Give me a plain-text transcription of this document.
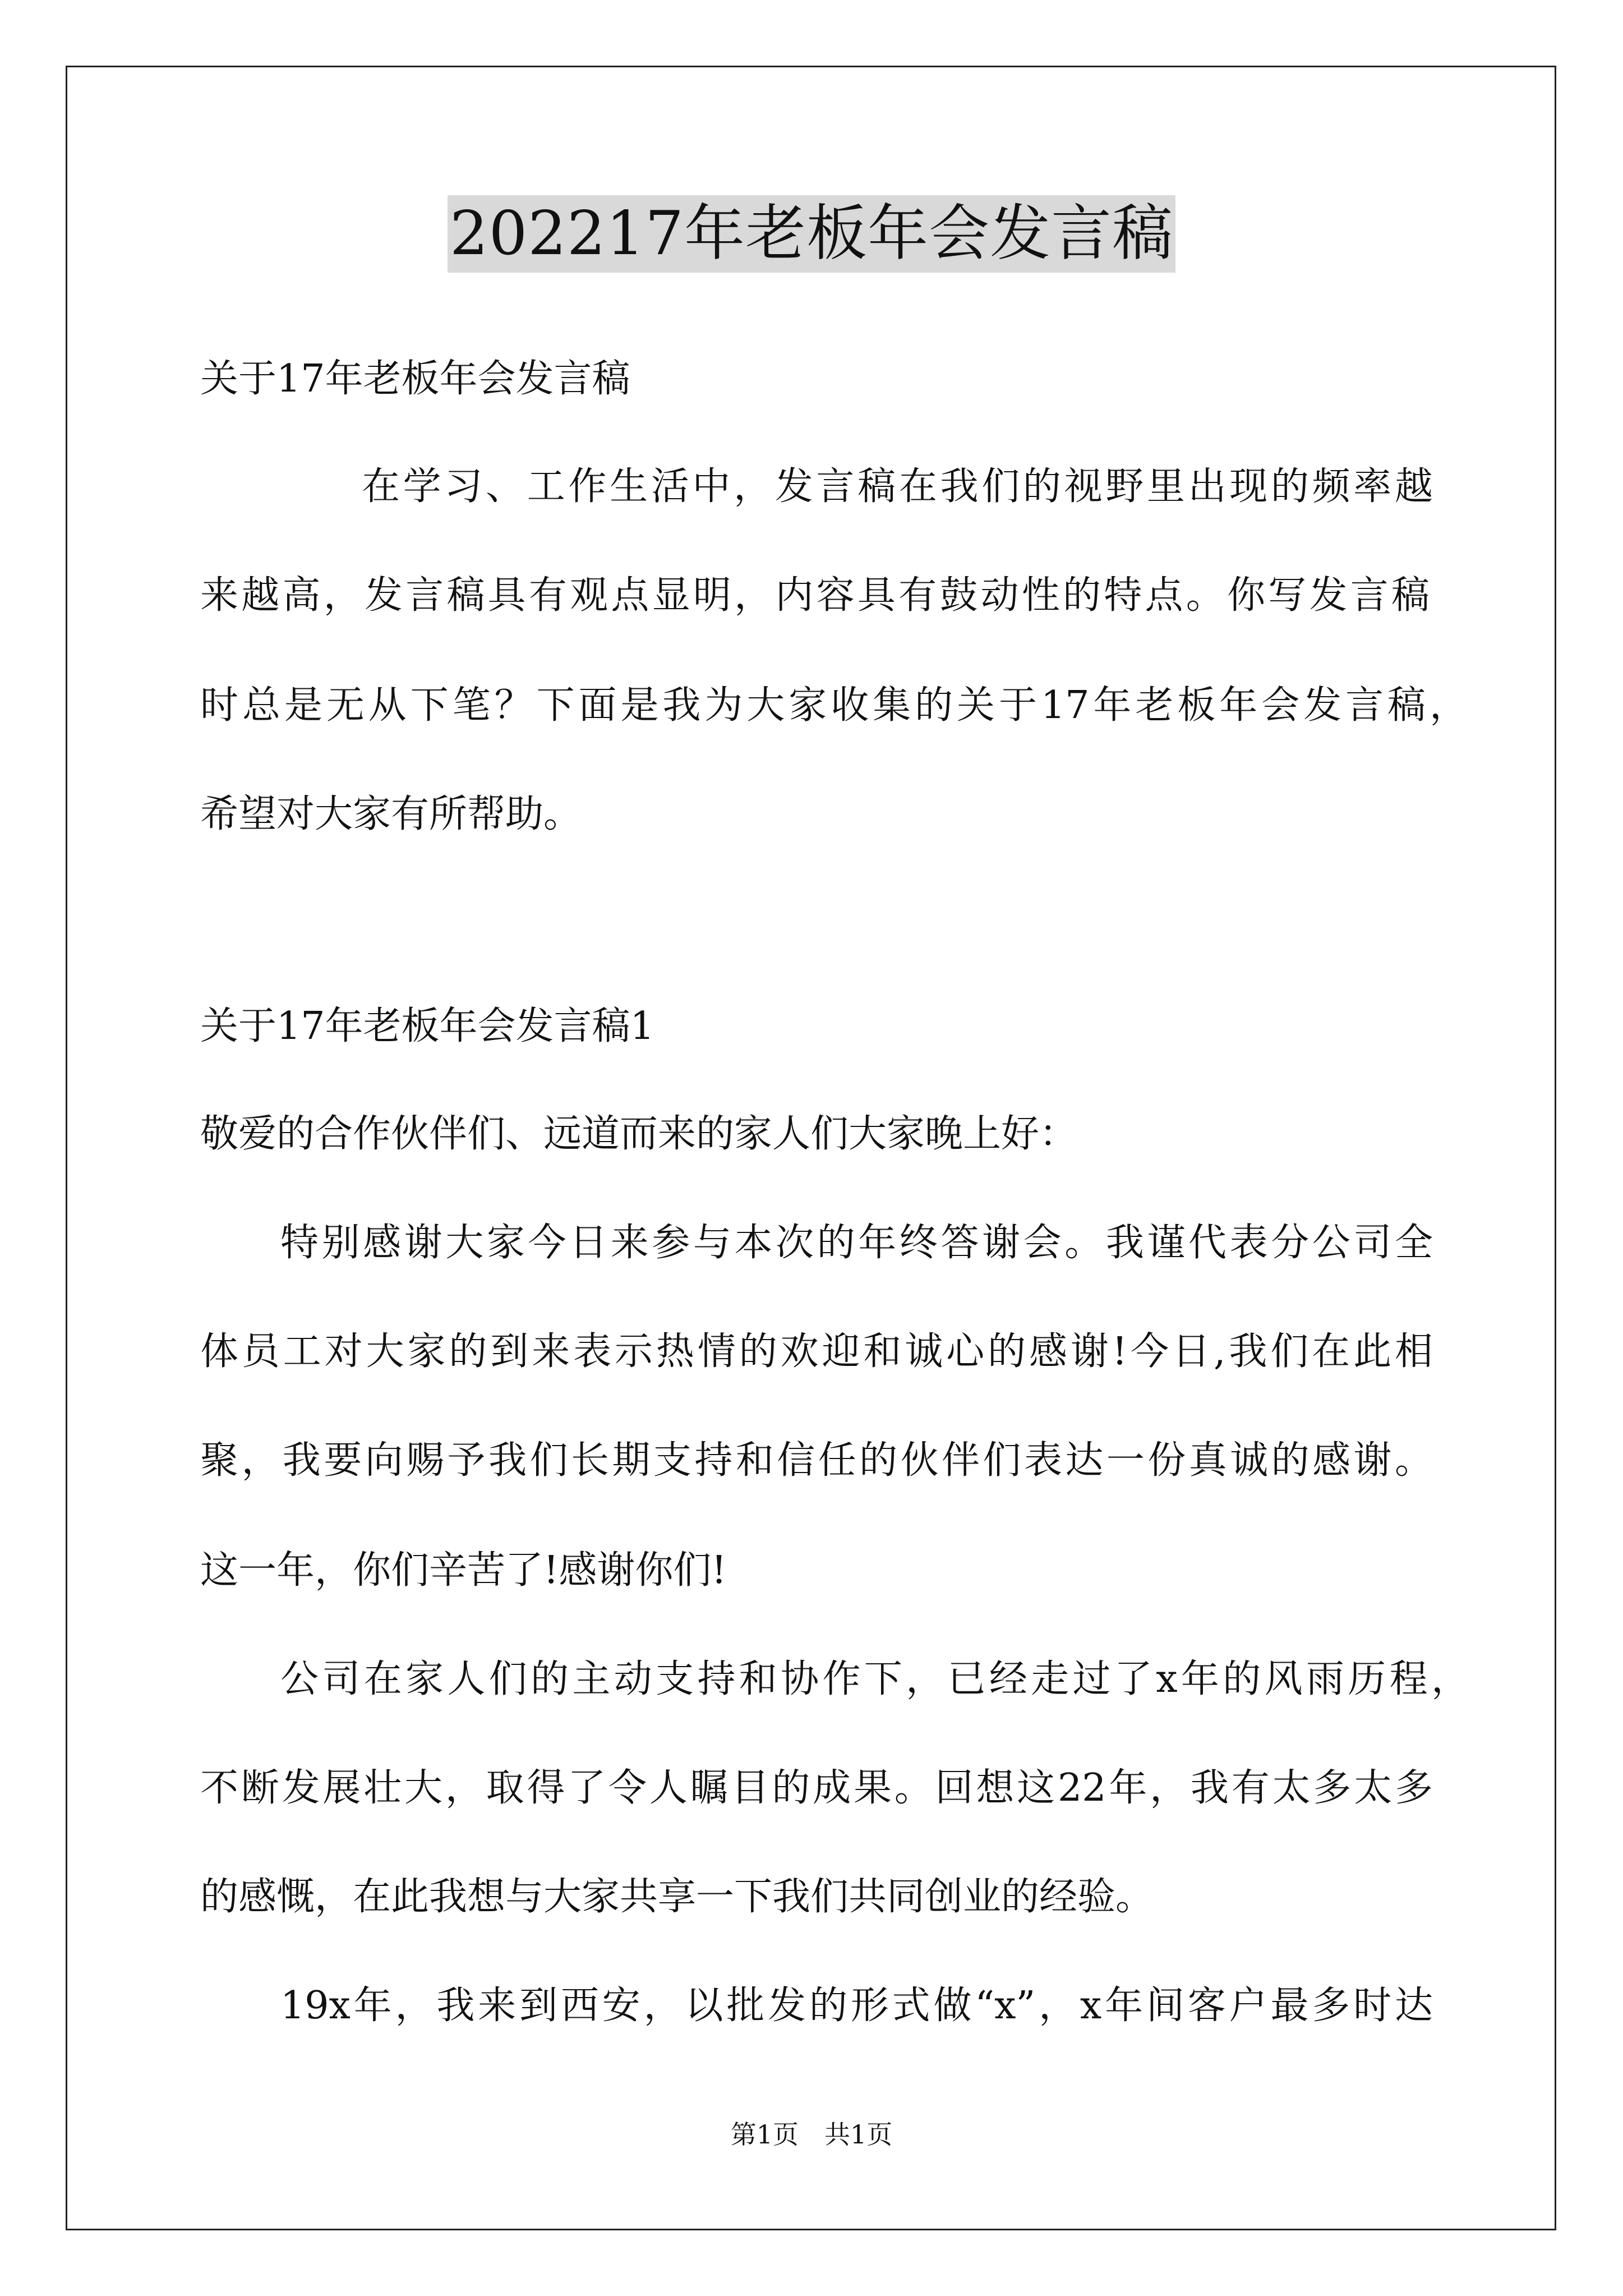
202217年老板年会发言稿
关于17年老板年会发言稿
在学习、工作生活中，发言稿在我们的视野里出现的频率越
来越高，发言稿具有观点显明，内容具有鼓动性的特点。你写发言稿
时总是无从下笔？下面是我为大家收集的关于17年老板年会发言稿，
希望对大家有所帮助。
关于17年老板年会发言稿1
敬爱的合作伙伴们、远道而来的家人们大家晚上好：
特别感谢大家今日来参与本次的年终答谢会。我谨代表分公司全
体员工对大家的到来表示热情的欢迎和诚心的感谢!今日,我们在此相
聚，我要向赐予我们长期支持和信任的伙伴们表达一份真诚的感谢。
这一年，你们辛苦了!感谢你们!
公司在家人们的主动支持和协作下，已经走过了x年的风雨历程，
不断发展壮大，取得了令人瞩目的成果。回想这22年，我有太多太多
的感慨，在此我想与大家共享一下我们共同创业的经验。
19x年，我来到西安，以批发的形式做“x”，x年间客户最多时达
第1页　共1页
